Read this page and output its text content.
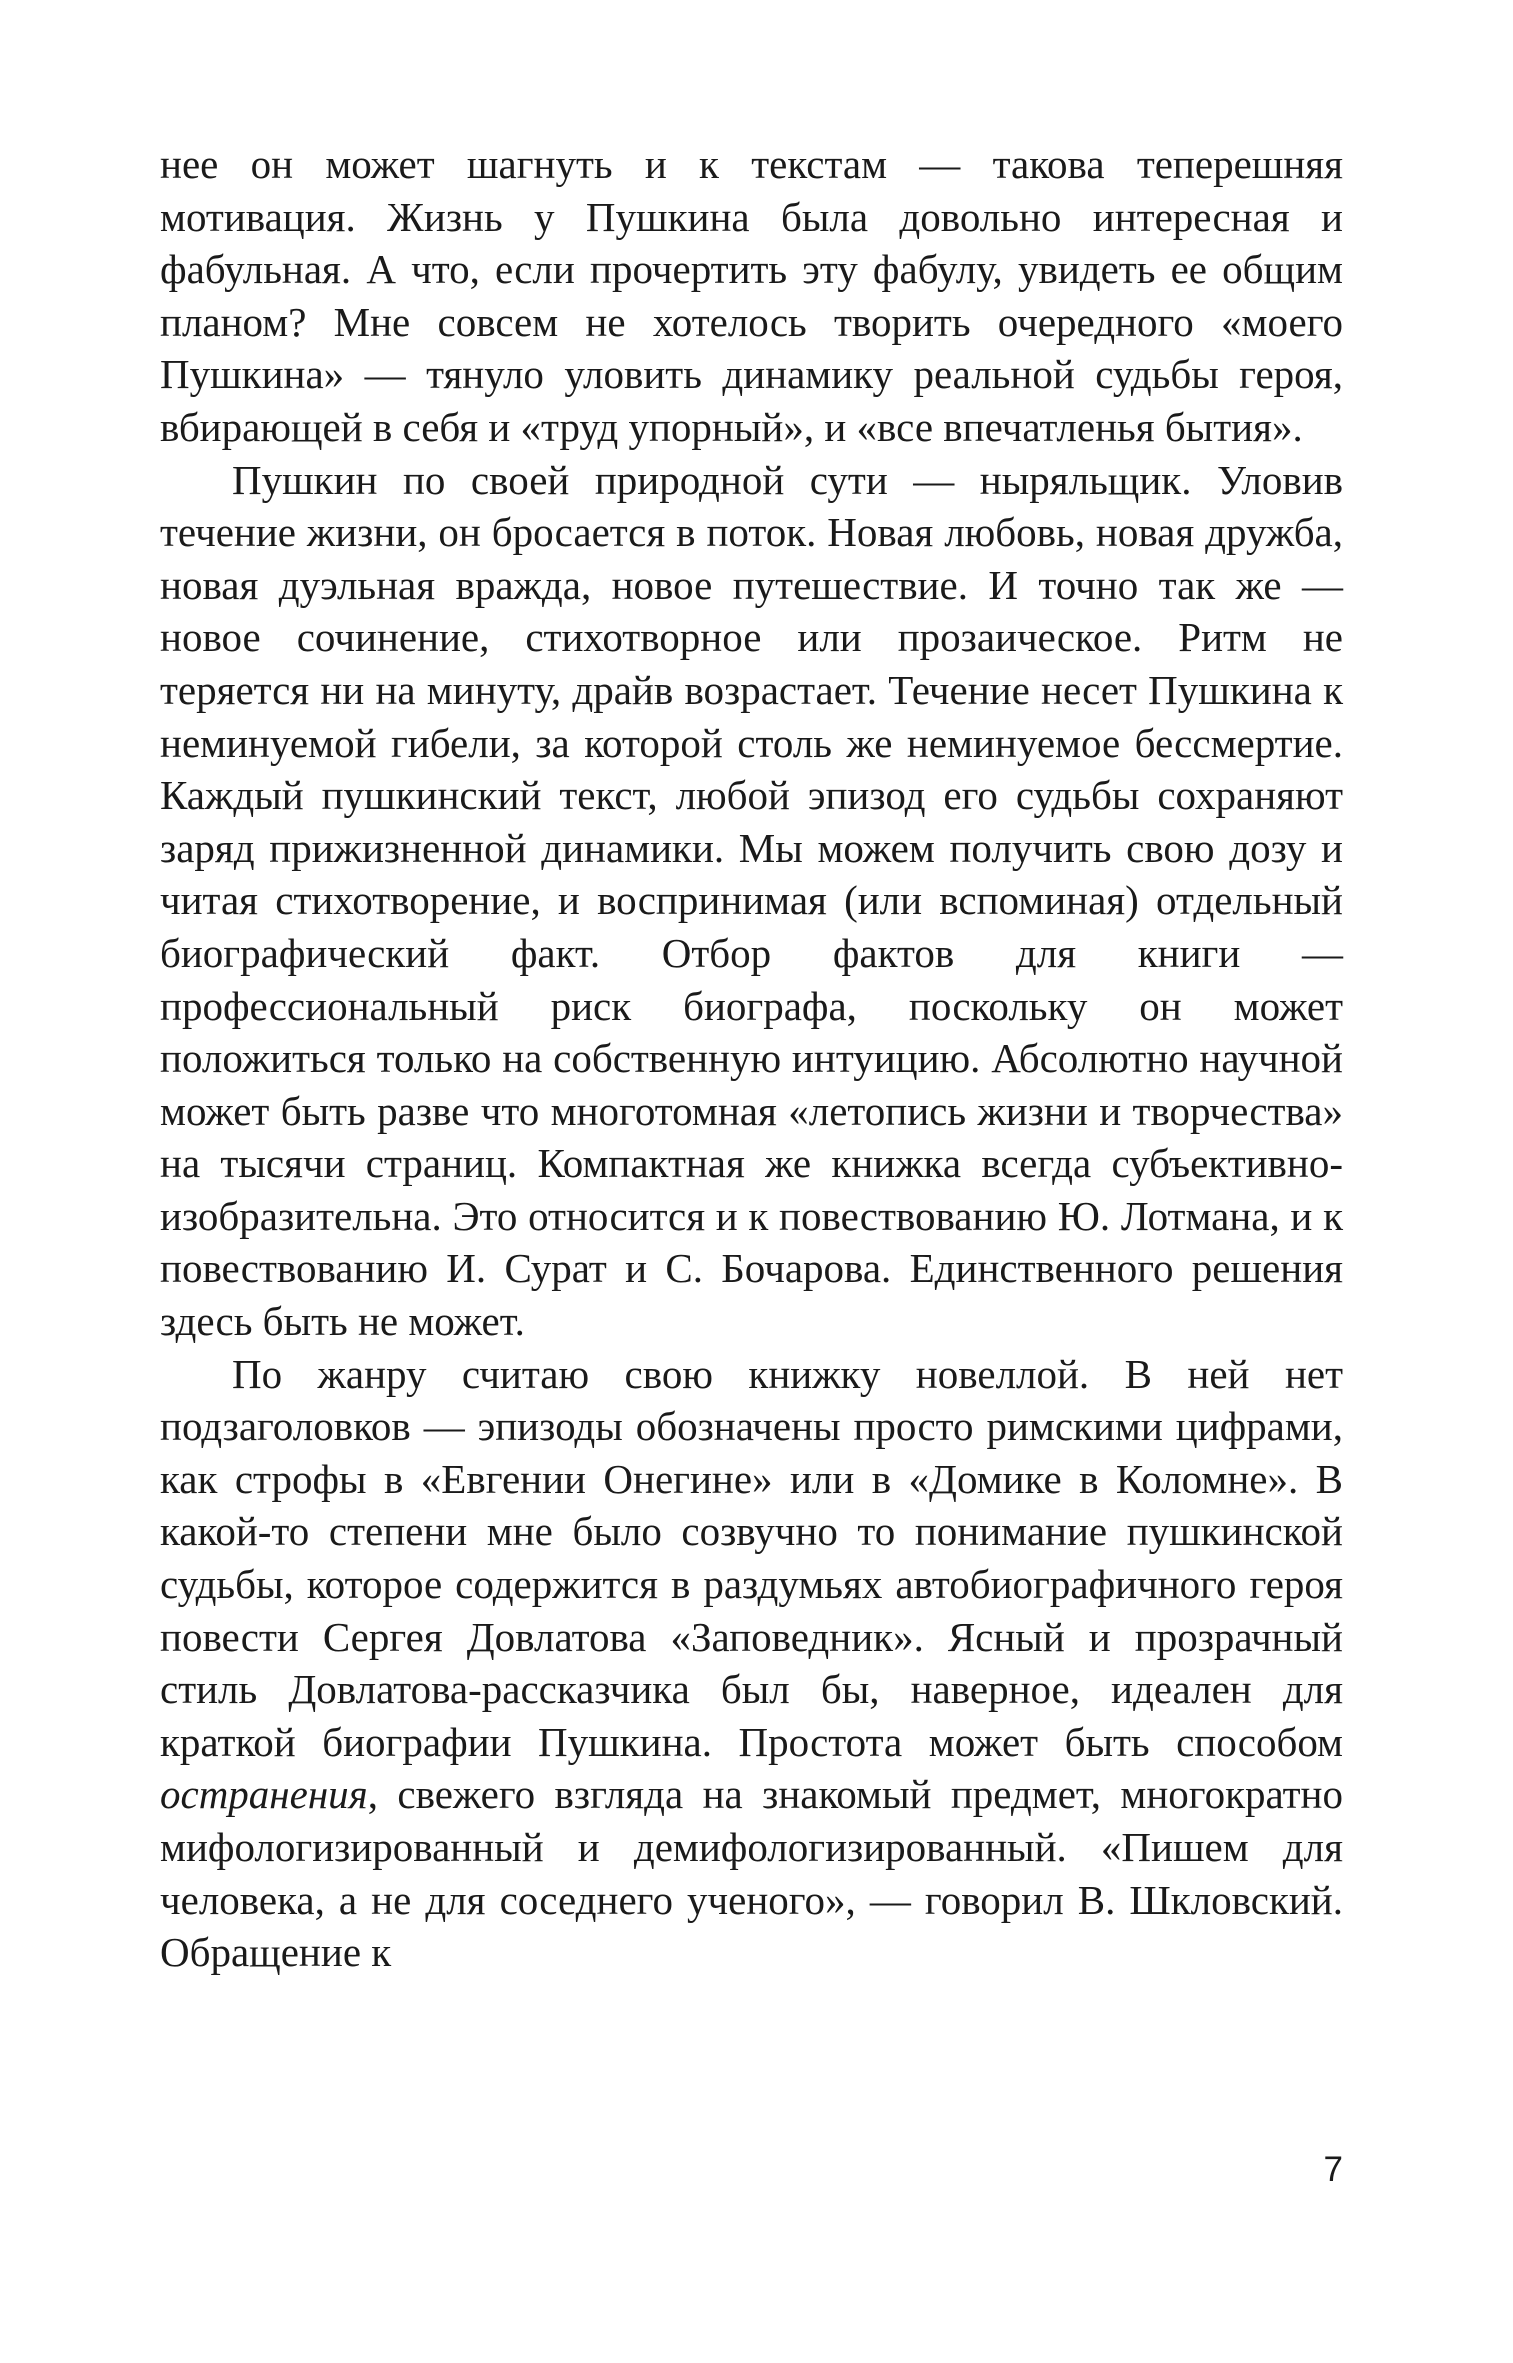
нее он может шагнуть и к текстам — такова теперешняя мотивация. Жизнь у Пушкина была довольно интересная и фабульная. А что, если прочертить эту фабулу, увидеть ее общим планом? Мне совсем не хотелось творить очередного «моего Пушкина» — тянуло уловить динамику реальной судьбы героя, вбирающей в себя и «труд упорный», и «все впечатленья бытия».

Пушкин по своей природной сути — ныряльщик. Уловив течение жизни, он бросается в поток. Новая любовь, новая дружба, новая дуэльная вражда, новое путешествие. И точно так же — новое сочинение, стихотворное или прозаическое. Ритм не теряется ни на минуту, драйв возрастает. Течение несет Пушкина к неминуемой гибели, за которой столь же неминуемое бессмертие. Каждый пушкинский текст, любой эпизод его судьбы сохраняют заряд прижизненной динамики. Мы можем получить свою дозу и читая стихотворение, и воспринимая (или вспоминая) отдельный биографический факт. Отбор фактов для книги — профессиональный риск биографа, поскольку он может положиться только на собственную интуицию. Абсолютно научной может быть разве что многотомная «летопись жизни и творчества» на тысячи страниц. Компактная же книжка всегда субъективно-изобразительна. Это относится и к повествованию Ю. Лотмана, и к повествованию И. Сурат и С. Бочарова. Единственного решения здесь быть не может.

По жанру считаю свою книжку новеллой. В ней нет подзаголовков — эпизоды обозначены просто римскими цифрами, как строфы в «Евгении Онегине» или в «Домике в Коломне». В какой-то степени мне было созвучно то понимание пушкинской судьбы, которое содержится в раздумьях автобиографичного героя повести Сергея Довлатова «Заповедник». Ясный и прозрачный стиль Довлатова-рассказчика был бы, наверное, идеален для краткой биографии Пушкина. Простота может быть способом остранения, свежего взгляда на знакомый предмет, многократно мифологизированный и демифологизированный. «Пишем для человека, а не для соседнего ученого», — говорил В. Шкловский. Обращение к

7
